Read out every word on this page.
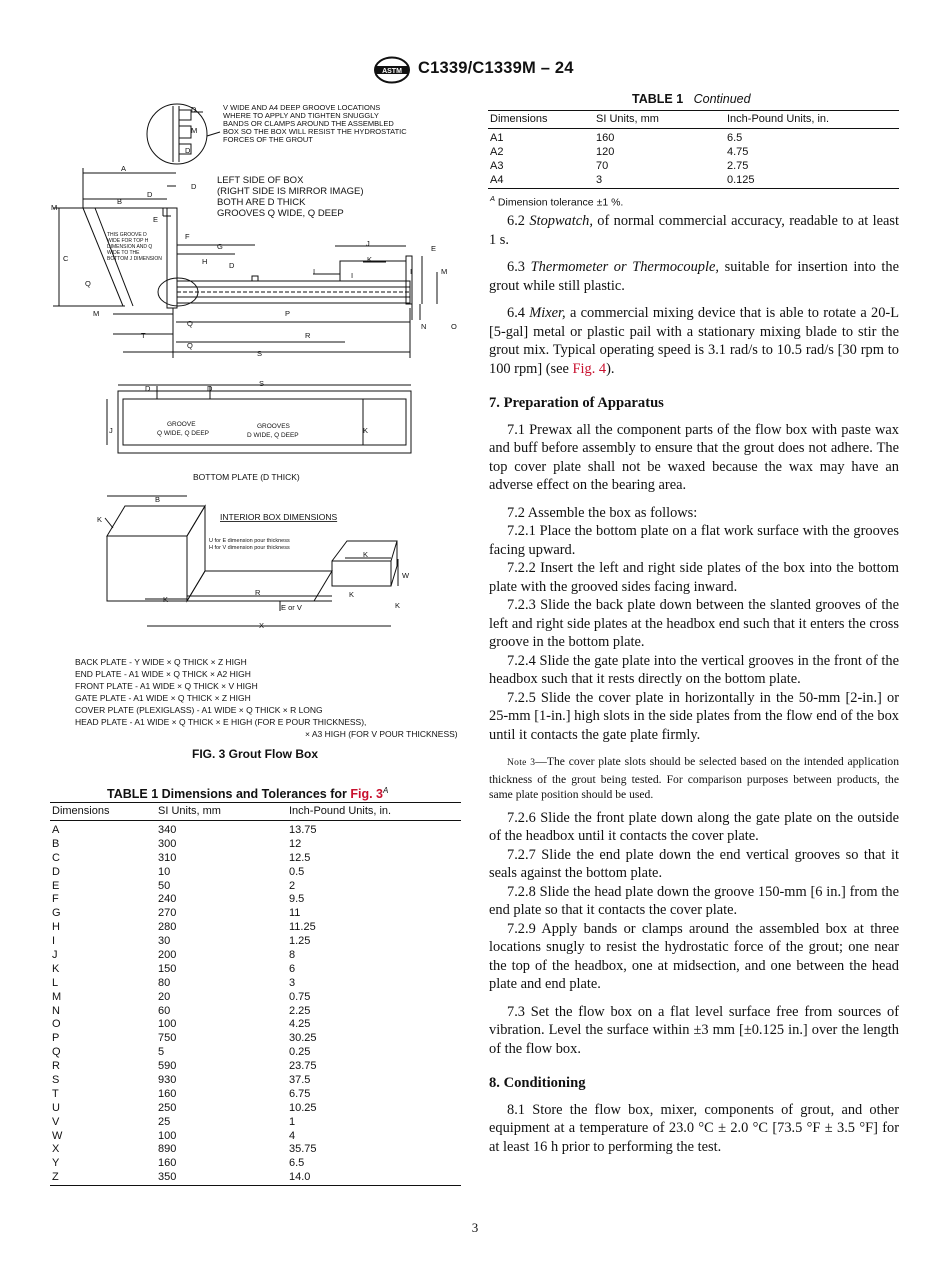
ASTM C1339/C1339M – 24
V WIDE AND A4 DEEP GROOVE LOCATIONS
WHERE TO APPLY AND TIGHTEN SNUGGLY
BANDS OR CLAMPS AROUND THE ASSEMBLED
BOX SO THE BOX WILL RESIST THE HYDROSTATIC
FORCES OF THE GROUT
LEFT SIDE OF BOX
(RIGHT SIDE IS MIRROR IMAGE)
BOTH ARE D THICK
GROOVES Q WIDE, Q DEEP
THIS GROOVE D
WIDE FOR TOP H
DIMENSION AND Q
WIDE TO THE
BOTTOM J DIMENSION
D
M
D
A
D
D
B
M
E
F
G
C	H	D
J
E
K
I	I	I	M
Q
M	P
Q	N	O
T	R
Q
S
S
D	D
J	K
GROOVE
Q WIDE, Q DEEP
GROOVES
D WIDE, Q DEEP
BOTTOM PLATE (D THICK)
B
K	INTERIOR BOX DIMENSIONS
U for E dimension pour thickness
H for V dimension pour thickness
K
W
R	K
K
E or V	K
X
BACK PLATE - Y WIDE × Q THICK × Z HIGH
END PLATE - A1 WIDE × Q THICK × A2 HIGH
FRONT PLATE - A1 WIDE × Q THICK × V HIGH
GATE PLATE - A1 WIDE × Q THICK × Z HIGH
COVER PLATE (PLEXIGLASS) - A1 WIDE × Q THICK × R LONG
HEAD PLATE - A1 WIDE × Q THICK × E HIGH (FOR E POUR THICKNESS),
× A3 HIGH (FOR V POUR THICKNESS)
FIG. 3 Grout Flow Box
TABLE 1 Dimensions and Tolerances for Fig. $3^A$
Dimensions	SI Units, mm	Inch-Pound Units, in.
A	340	13.75
B	300	12
C	310	12.5
D	10	0.5
E	50	2
F	240	9.5
G	270	11
H	280	11.25
I	30	1.25
J	200	8
K	150	6
L	80	3
M	20	0.75
N	60	2.25
O	100	4.25
P	750	30.25
Q	5	0.25
R	590	23.75
S	930	37.5
T	160	6.75
U	250	10.25
V	25	1
W	100	4
X	890	35.75
Y	160	6.5
Z	350	14.0
TABLE 1 Continued
Dimensions	SI Units, mm	Inch-Pound Units, in.
A1	160	6.5
A2	120	4.75
A3	70	2.75
A4	3	0.125
$^A$ Dimension tolerance ±1 %.

6.2 Stopwatch, of normal commercial accuracy, readable to at least 1 s.

6.3 Thermometer or Thermocouple, suitable for insertion into the grout while still plastic.

6.4 Mixer, a commercial mixing device that is able to rotate a 20-L [5-gal] metal or plastic pail with a stationary mixing blade to stir the grout mix. Typical operating speed is 3.1 rad/s to 10.5 rad/s [30 rpm to 100 rpm] (see Fig. 4).

7. Preparation of Apparatus

7.1 Prewax all the component parts of the flow box with paste wax and buff before assembly to ensure that the grout does not adhere. The top cover plate shall not be waxed because the wax may have an adverse effect on the bearing area.

7.2 Assemble the box as follows:

7.2.1 Place the bottom plate on a flat work surface with the grooves facing upward.

7.2.2 Insert the left and right side plates of the box into the bottom plate with the grooved sides facing inward.

7.2.3 Slide the back plate down between the slanted grooves of the left and right side plates at the headbox end such that it enters the cross groove in the bottom plate.

7.2.4 Slide the gate plate into the vertical grooves in the front of the headbox such that it rests directly on the bottom plate.

7.2.5 Slide the cover plate in horizontally in the 50-mm [2-in.] or 25-mm [1-in.] high slots in the side plates from the flow end of the box until it contacts the gate plate firmly.

Note 3—The cover plate slots should be selected based on the intended application thickness of the grout being tested. For comparison purposes between products, the same plate position should be used.

7.2.6 Slide the front plate down along the gate plate on the outside of the headbox until it contacts the cover plate.

7.2.7 Slide the end plate down the end vertical grooves so that it seals against the bottom plate.

7.2.8 Slide the head plate down the groove 150-mm [6 in.] from the end plate so that it contacts the cover plate.

7.2.9 Apply bands or clamps around the assembled box at three locations snugly to resist the hydrostatic force of the grout; one near the top of the headbox, one at midsection, and one between the head plate and end plate.

7.3 Set the flow box on a flat level surface free from sources of vibration. Level the surface within ±3 mm [±0.125 in.] over the length of the flow box.

8. Conditioning

8.1 Store the flow box, mixer, components of grout, and other equipment at a temperature of 23.0 °C ± 2.0 °C [73.5 °F ± 3.5 °F] for at least 16 h prior to performing the test.

3
